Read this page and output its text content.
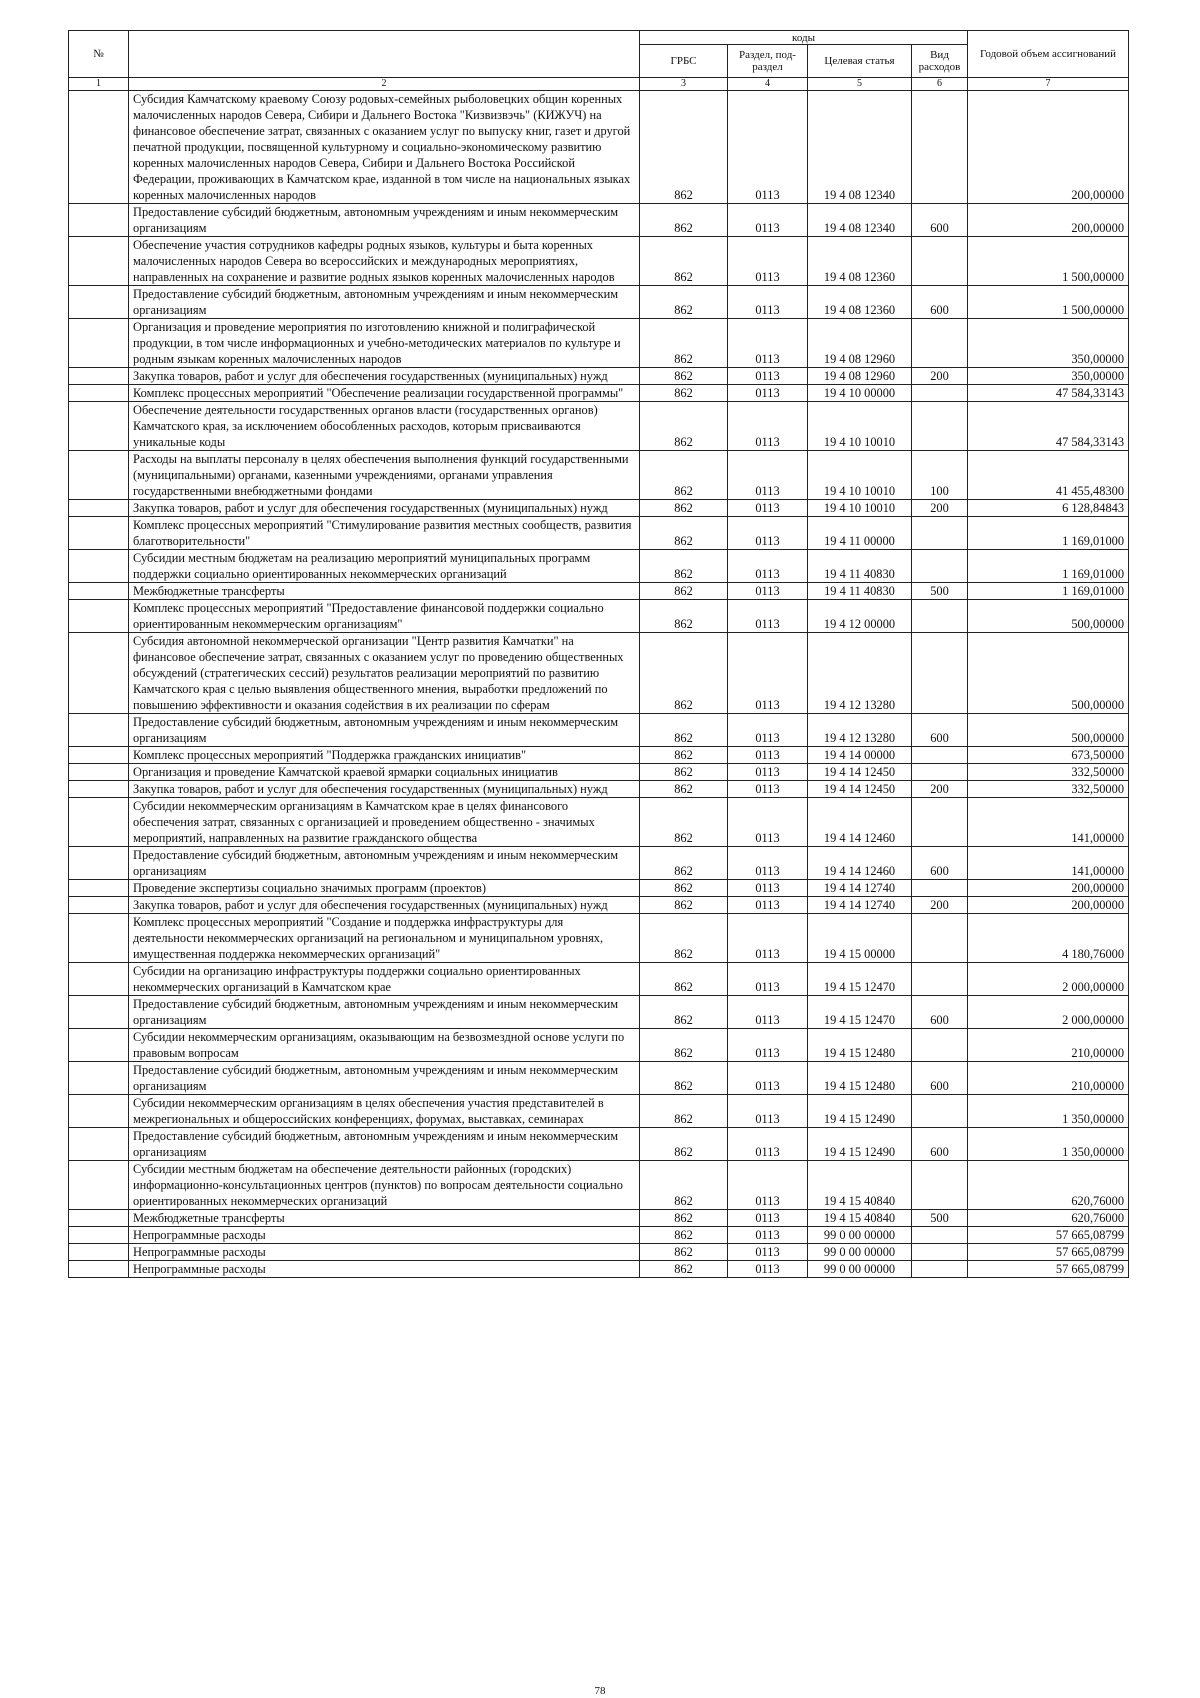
№		коды				Годовой объем ассигнований
		ГРБС	Раздел, под-раздел	Целевая статья	Вид расходов	
1	2	3	4	5	6	7
	Субсидия Камчатскому краевому Союзу родовых-семейных рыболовецких общин коренных малочисленных народов Севера, Сибири и Дальнего Востока "Кизвизвэчь" (КИЖУЧ) на финансовое обеспечение затрат, связанных с оказанием услуг по выпуску книг, газет и другой печатной продукции, посвященной культурному и социально-экономическому развитию коренных малочисленных народов Севера, Сибири и Дальнего Востока Российской Федерации, проживающих в Камчатском крае, изданной в том числе на национальных языках коренных малочисленных народов	862	0113	19 4 08 12340		200,00000
	Предоставление субсидий бюджетным, автономным учреждениям и иным некоммерческим организациям	862	0113	19 4 08 12340	600	200,00000
	Обеспечение участия сотрудников кафедры родных языков, культуры и быта коренных малочисленных народов Севера во всероссийских и международных мероприятиях, направленных на сохранение и развитие родных языков коренных малочисленных народов	862	0113	19 4 08 12360		1 500,00000
	Предоставление субсидий бюджетным, автономным учреждениям и иным некоммерческим организациям	862	0113	19 4 08 12360	600	1 500,00000
	Организация и проведение мероприятия по изготовлению книжной и полиграфической продукции, в том числе информационных и учебно-методических материалов по культуре и родным языкам коренных малочисленных народов	862	0113	19 4 08 12960		350,00000
	Закупка товаров, работ и услуг для обеспечения государственных (муниципальных) нужд	862	0113	19 4 08 12960	200	350,00000
	Комплекс процессных мероприятий "Обеспечение реализации государственной программы"	862	0113	19 4 10 00000		47 584,33143
	Обеспечение деятельности государственных органов власти (государственных органов) Камчатского края, за исключением обособленных расходов, которым присваиваются уникальные коды	862	0113	19 4 10 10010		47 584,33143
	Расходы на выплаты персоналу в целях обеспечения выполнения функций государственными (муниципальными) органами, казенными учреждениями, органами управления государственными внебюджетными фондами	862	0113	19 4 10 10010	100	41 455,48300
	Закупка товаров, работ и услуг для обеспечения государственных (муниципальных) нужд	862	0113	19 4 10 10010	200	6 128,84843
	Комплекс процессных мероприятий "Стимулирование развития местных сообществ, развития благотворительности"	862	0113	19 4 11 00000		1 169,01000
	Субсидии местным бюджетам на реализацию мероприятий муниципальных программ поддержки социально ориентированных некоммерческих организаций	862	0113	19 4 11 40830		1 169,01000
	Межбюджетные трансферты	862	0113	19 4 11 40830	500	1 169,01000
	Комплекс процессных мероприятий "Предоставление финансовой поддержки социально ориентированным некоммерческим организациям"	862	0113	19 4 12 00000		500,00000
	Субсидия автономной некоммерческой организации "Центр развития Камчатки" на финансовое обеспечение затрат, связанных с оказанием услуг по проведению общественных обсуждений (стратегических сессий) результатов реализации мероприятий по развитию Камчатского края с целью выявления общественного мнения, выработки предложений по повышению эффективности и оказания содействия в их реализации по сферам	862	0113	19 4 12 13280		500,00000
	Предоставление субсидий бюджетным, автономным учреждениям и иным некоммерческим организациям	862	0113	19 4 12 13280	600	500,00000
	Комплекс процессных мероприятий "Поддержка гражданских инициатив"	862	0113	19 4 14 00000		673,50000
	Организация и проведение Камчатской краевой ярмарки социальных инициатив	862	0113	19 4 14 12450		332,50000
	Закупка товаров, работ и услуг для обеспечения государственных (муниципальных) нужд	862	0113	19 4 14 12450	200	332,50000
	Субсидии некоммерческим организациям в Камчатском крае в целях финансового обеспечения затрат, связанных с организацией и проведением общественно - значимых мероприятий, направленных на развитие гражданского общества	862	0113	19 4 14 12460		141,00000
	Предоставление субсидий бюджетным, автономным учреждениям и иным некоммерческим организациям	862	0113	19 4 14 12460	600	141,00000
	Проведение экспертизы социально значимых программ (проектов)	862	0113	19 4 14 12740		200,00000
	Закупка товаров, работ и услуг для обеспечения государственных (муниципальных) нужд	862	0113	19 4 14 12740	200	200,00000
	Комплекс процессных мероприятий "Создание и поддержка инфраструктуры для деятельности некоммерческих организаций на региональном и муниципальном уровнях, имущественная поддержка некоммерческих организаций"	862	0113	19 4 15 00000		4 180,76000
	Субсидии на организацию инфраструктуры поддержки социально ориентированных некоммерческих организаций в Камчатском крае	862	0113	19 4 15 12470		2 000,00000
	Предоставление субсидий бюджетным, автономным учреждениям и иным некоммерческим организациям	862	0113	19 4 15 12470	600	2 000,00000
	Субсидии некоммерческим организациям, оказывающим на безвозмездной основе услуги по правовым вопросам	862	0113	19 4 15 12480		210,00000
	Предоставление субсидий бюджетным, автономным учреждениям и иным некоммерческим организациям	862	0113	19 4 15 12480	600	210,00000
	Субсидии некоммерческим организациям в целях обеспечения участия представителей в межрегиональных и общероссийских конференциях, форумах, выставках, семинарах	862	0113	19 4 15 12490		1 350,00000
	Предоставление субсидий бюджетным, автономным учреждениям и иным некоммерческим организациям	862	0113	19 4 15 12490	600	1 350,00000
	Субсидии местным бюджетам на обеспечение деятельности районных (городских) информационно-консультационных центров (пунктов) по вопросам деятельности социально ориентированных некоммерческих организаций	862	0113	19 4 15 40840		620,76000
	Межбюджетные трансферты	862	0113	19 4 15 40840	500	620,76000
	Непрограммные расходы	862	0113	99 0 00 00000		57 665,08799
	Непрограммные расходы	862	0113	99 0 00 00000		57 665,08799
	Непрограммные расходы	862	0113	99 0 00 00000		57 665,08799
78
